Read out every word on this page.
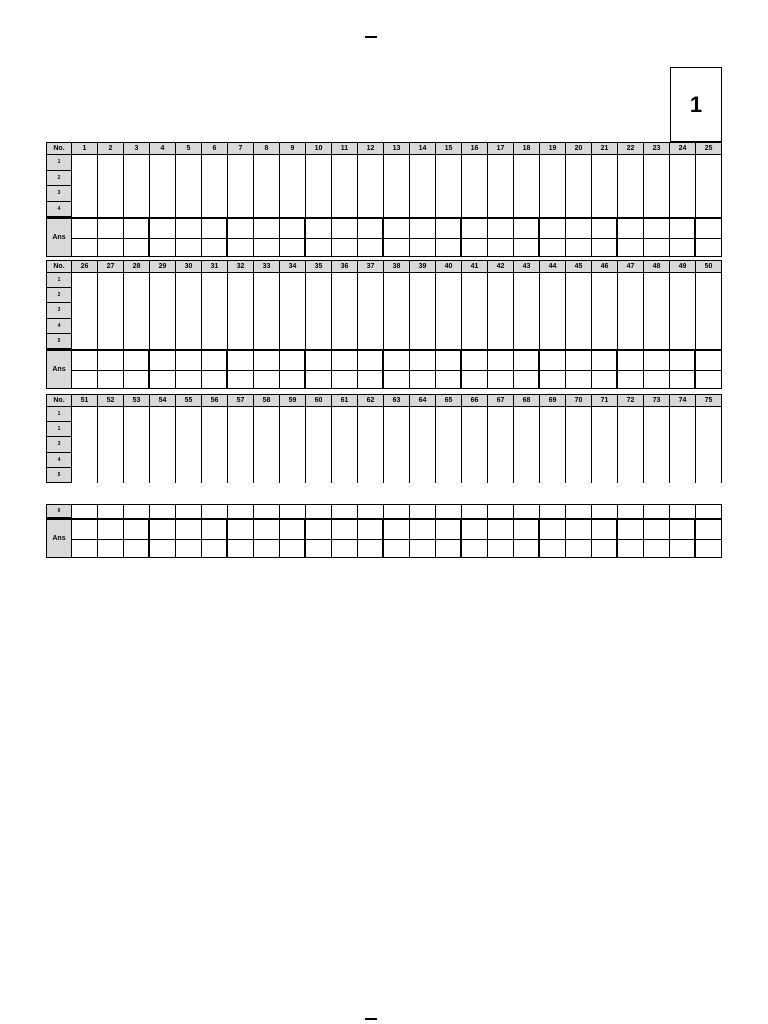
1
No.	1	2	3	4	5	6	7	8	9	10	11	12	13	14	15	16	17	18	19	20	21	22	23	24	25
1
2
3
4
Ans
No.	26	27	28	29	30	31	32	33	34	35	36	37	38	39	40	41	42	43	44	45	46	47	48	49	50
1
2
3
4
5
Ans
No.	51	52	53	54	55	56	57	58	59	60	61	62	63	64	65	66	67	68	69	70	71	72	73	74	75
1
1
3
4
5
6
Ans
